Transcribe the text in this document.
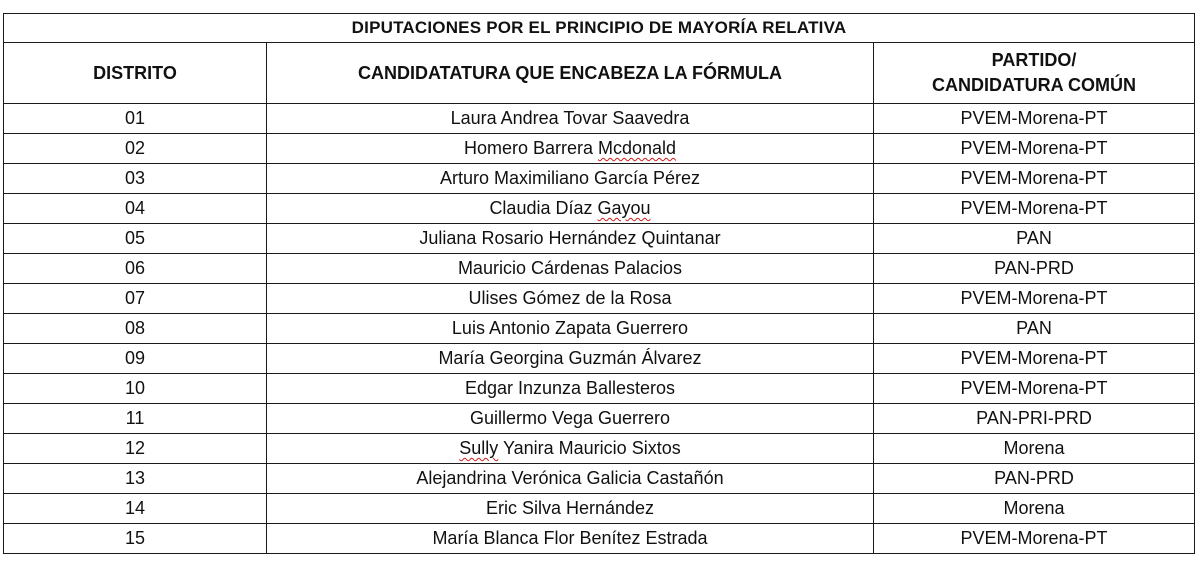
DIPUTACIONES POR EL PRINCIPIO DE MAYORÍA RELATIVA		
DISTRITO	CANDIDATATURA QUE ENCABEZA LA FÓRMULA	PARTIDO/
CANDIDATURA COMÚN
01	Laura Andrea Tovar Saavedra	PVEM-Morena-PT
02	Homero Barrera Mcdonald	PVEM-Morena-PT
03	Arturo Maximiliano García Pérez	PVEM-Morena-PT
04	Claudia Díaz Gayou	PVEM-Morena-PT
05	Juliana Rosario Hernández Quintanar	PAN
06	Mauricio Cárdenas Palacios	PAN-PRD
07	Ulises Gómez de la Rosa	PVEM-Morena-PT
08	Luis Antonio Zapata Guerrero	PAN
09	María Georgina Guzmán Álvarez	PVEM-Morena-PT
10	Edgar Inzunza Ballesteros	PVEM-Morena-PT
11	Guillermo Vega Guerrero	PAN-PRI-PRD
12	Sully Yanira Mauricio Sixtos	Morena
13	Alejandrina Verónica Galicia Castañón	PAN-PRD
14	Eric Silva Hernández	Morena
15	María Blanca Flor Benítez Estrada	PVEM-Morena-PT
